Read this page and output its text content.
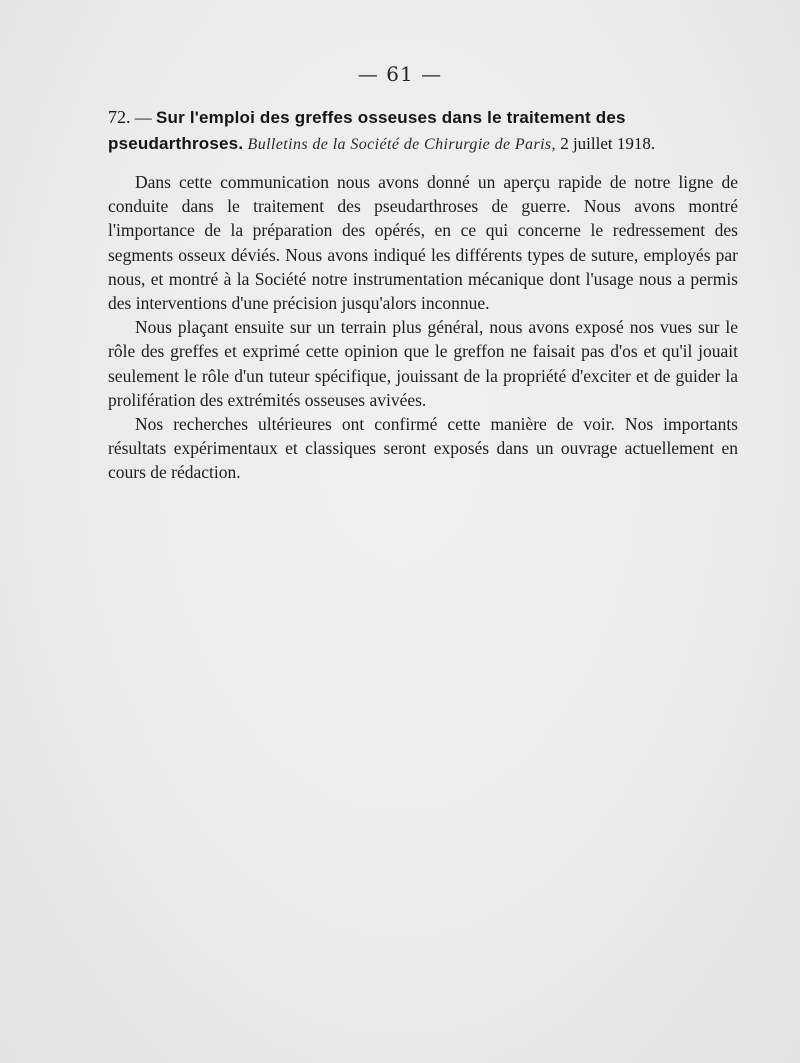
— 61 —

72. — Sur l'emploi des greffes osseuses dans le traitement des pseudarthroses. Bulletins de la Société de Chirurgie de Paris, 2 juillet 1918.

Dans cette communication nous avons donné un aperçu rapide de notre ligne de conduite dans le traitement des pseudarthroses de guerre. Nous avons montré l'importance de la préparation des opérés, en ce qui concerne le redressement des segments osseux déviés. Nous avons indiqué les différents types de suture, employés par nous, et montré à la Société notre instrumentation mécanique dont l'usage nous a permis des interventions d'une précision jusqu'alors inconnue.

Nous plaçant ensuite sur un terrain plus général, nous avons exposé nos vues sur le rôle des greffes et exprimé cette opinion que le greffon ne faisait pas d'os et qu'il jouait seulement le rôle d'un tuteur spécifique, jouissant de la propriété d'exciter et de guider la prolifération des extrémités osseuses avivées.

Nos recherches ultérieures ont confirmé cette manière de voir. Nos importants résultats expérimentaux et classiques seront exposés dans un ouvrage actuellement en cours de rédaction.
